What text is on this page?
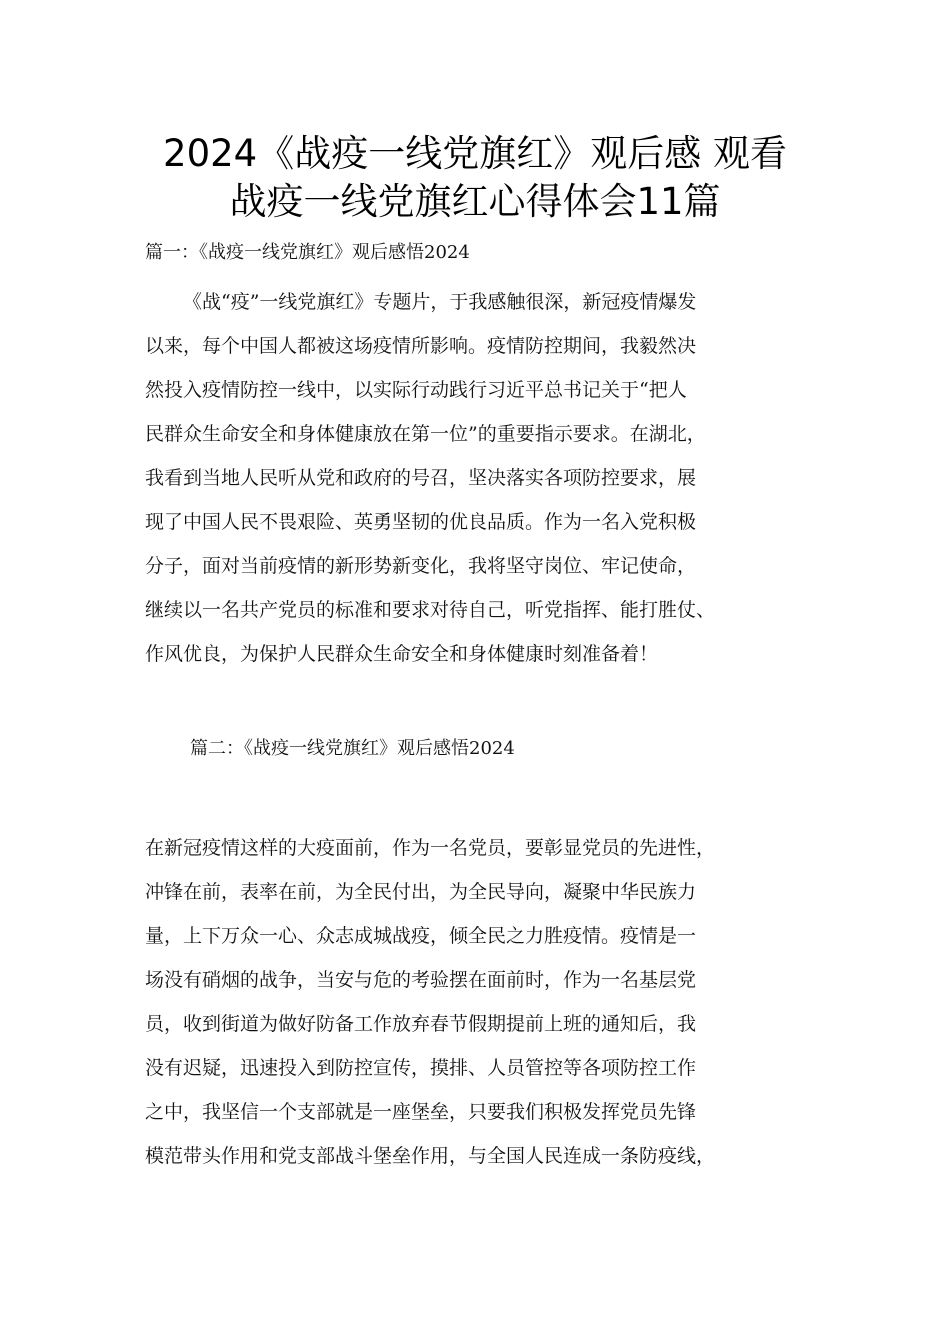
2024《战疫一线党旗红》观后感 观看
战疫一线党旗红心得体会11篇
篇一：《战疫一线党旗红》观后感悟2024
《战“疫”一线党旗红》专题片，于我感触很深，新冠疫情爆发
以来，每个中国人都被这场疫情所影响。疫情防控期间，我毅然决
然投入疫情防控一线中，以实际行动践行习近平总书记关于“把人
民群众生命安全和身体健康放在第一位”的重要指示要求。在湖北，
我看到当地人民听从党和政府的号召，坚决落实各项防控要求，展
现了中国人民不畏艰险、英勇坚韧的优良品质。作为一名入党积极
分子，面对当前疫情的新形势新变化，我将坚守岗位、牢记使命，
继续以一名共产党员的标准和要求对待自己，听党指挥、能打胜仗、
作风优良，为保护人民群众生命安全和身体健康时刻准备着！
篇二：《战疫一线党旗红》观后感悟2024
在新冠疫情这样的大疫面前，作为一名党员，要彰显党员的先进性，
冲锋在前，表率在前，为全民付出，为全民导向，凝聚中华民族力
量，上下万众一心、众志成城战疫，倾全民之力胜疫情。疫情是一
场没有硝烟的战争，当安与危的考验摆在面前时，作为一名基层党
员，收到街道为做好防备工作放弃春节假期提前上班的通知后，我
没有迟疑，迅速投入到防控宣传，摸排、人员管控等各项防控工作
之中，我坚信一个支部就是一座堡垒，只要我们积极发挥党员先锋
模范带头作用和党支部战斗堡垒作用，与全国人民连成一条防疫线，
